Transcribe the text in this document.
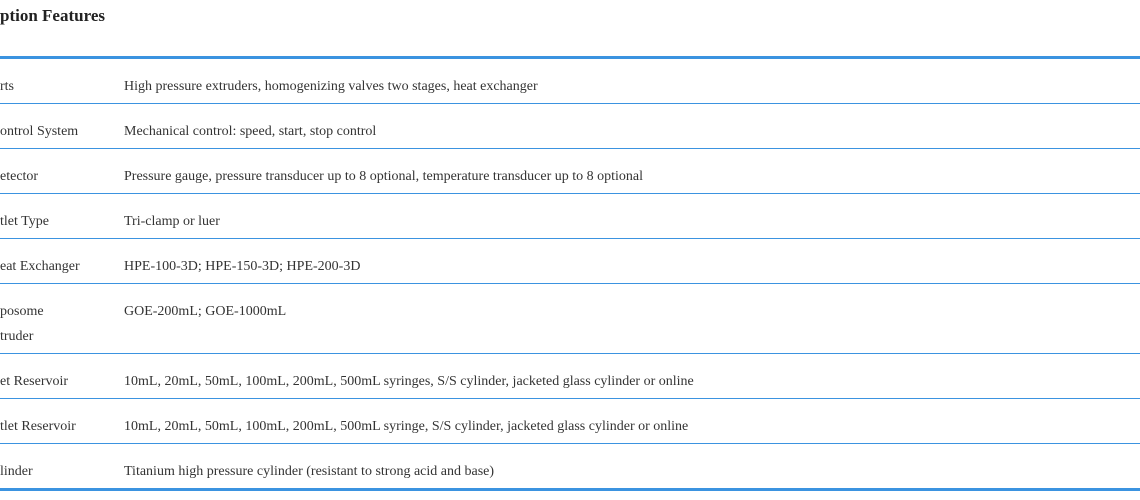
ption Features
rts	High pressure extruders, homogenizing valves two stages, heat exchanger

ontrol System	Mechanical control: speed, start, stop control

etector	Pressure gauge, pressure transducer up to 8 optional, temperature transducer up to 8 optional

tlet Type	Tri-clamp or luer

eat Exchanger	HPE-100-3D; HPE-150-3D; HPE-200-3D

posome
truder	GOE-200mL; GOE-1000mL

et Reservoir	10mL, 20mL, 50mL, 100mL, 200mL, 500mL syringes, S/S cylinder, jacketed glass cylinder or online

tlet Reservoir	10mL, 20mL, 50mL, 100mL, 200mL, 500mL syringe, S/S cylinder, jacketed glass cylinder or online

linder	Titanium high pressure cylinder (resistant to strong acid and base)
